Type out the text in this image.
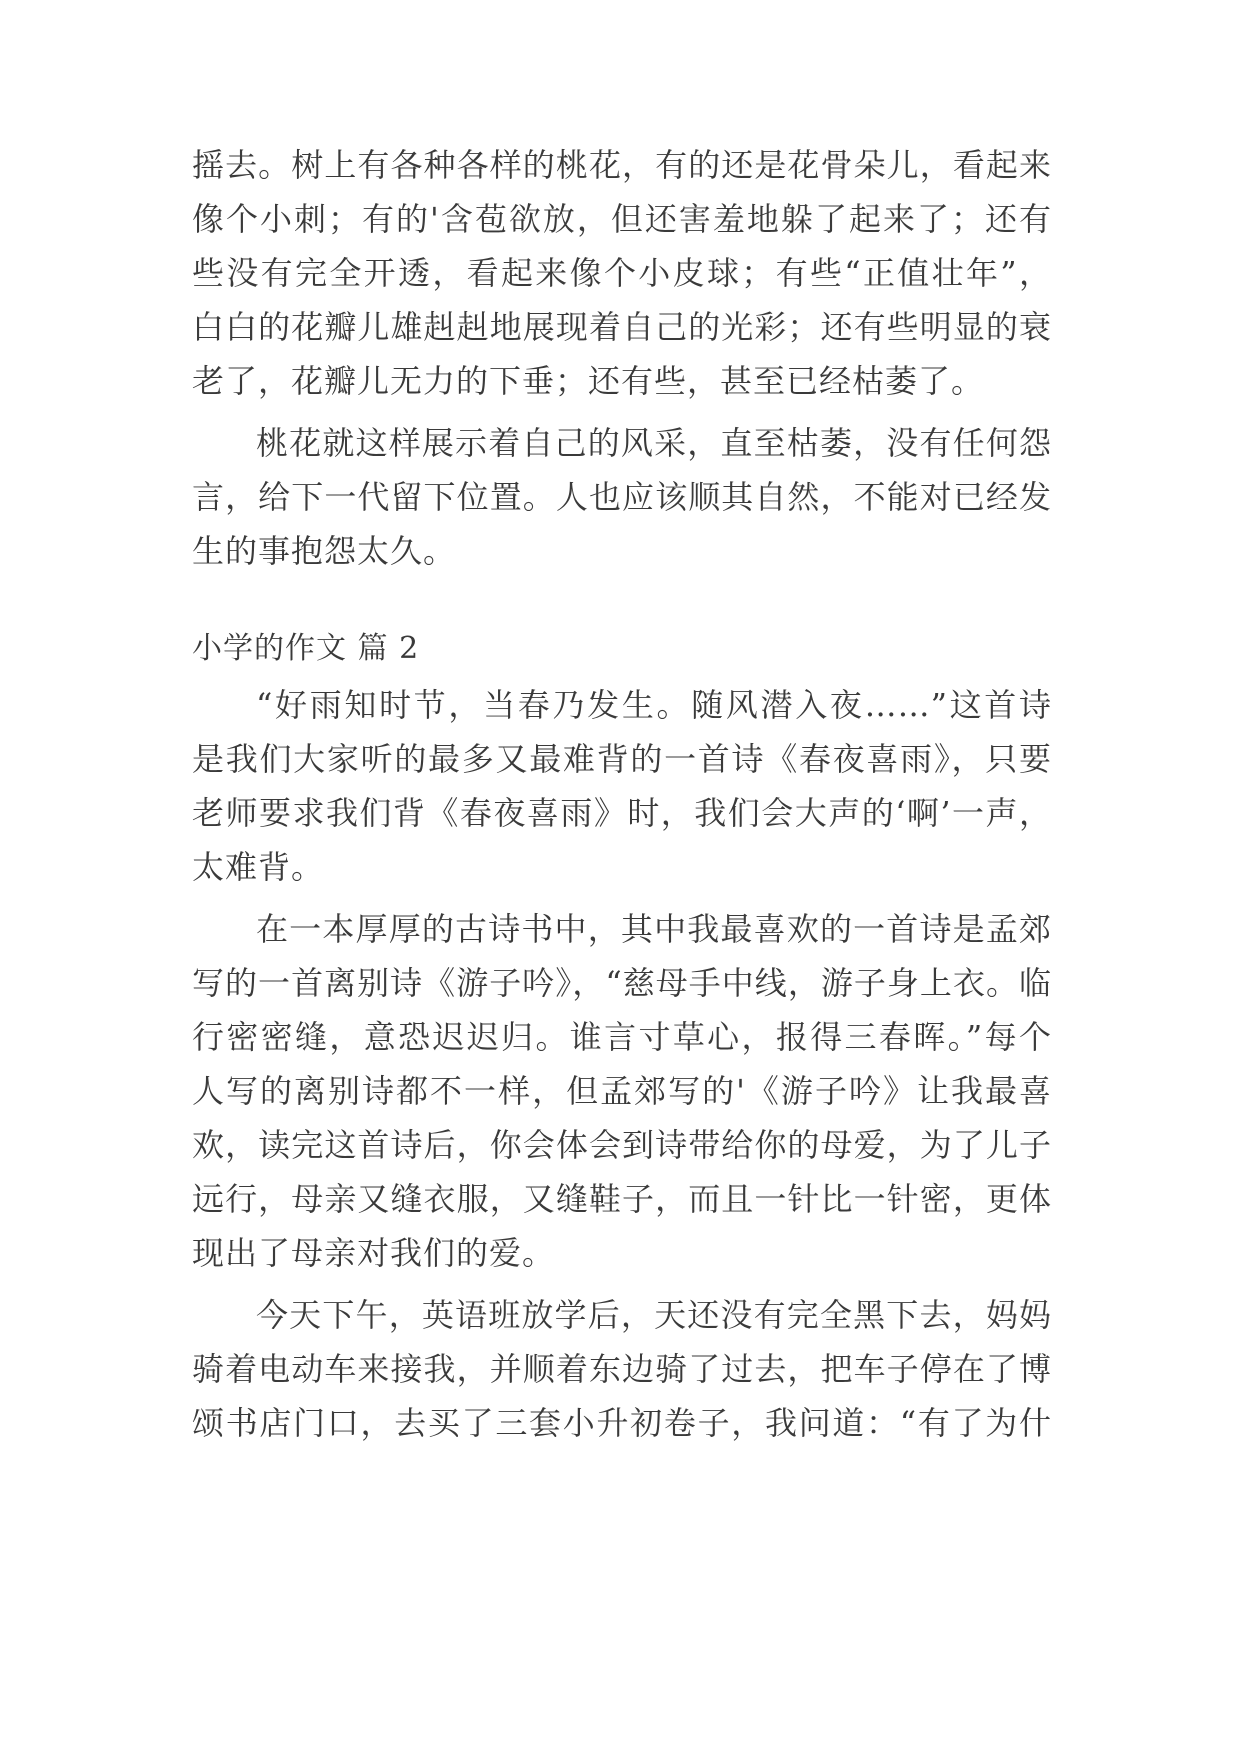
摇去。树上有各种各样的桃花，有的还是花骨朵儿，看起来
像个小刺；有的'含苞欲放，但还害羞地躲了起来了；还有
些没有完全开透，看起来像个小皮球；有些“正值壮年”，
白白的花瓣儿雄赳赳地展现着自己的光彩；还有些明显的衰
老了，花瓣儿无力的下垂；还有些，甚至已经枯萎了。
桃花就这样展示着自己的风采，直至枯萎，没有任何怨
言，给下一代留下位置。人也应该顺其自然，不能对已经发
生的事抱怨太久。
小学的作文 篇 2
“好雨知时节，当春乃发生。随风潜入夜……”这首诗
是我们大家听的最多又最难背的一首诗《春夜喜雨》，只要
老师要求我们背《春夜喜雨》时，我们会大声的‘啊’一声，
太难背。
在一本厚厚的古诗书中，其中我最喜欢的一首诗是孟郊
写的一首离别诗《游子吟》，“慈母手中线，游子身上衣。临
行密密缝，意恐迟迟归。谁言寸草心，报得三春晖。”每个
人写的离别诗都不一样，但孟郊写的'《游子吟》让我最喜
欢，读完这首诗后，你会体会到诗带给你的母爱，为了儿子
远行，母亲又缝衣服，又缝鞋子，而且一针比一针密，更体
现出了母亲对我们的爱。
今天下午，英语班放学后，天还没有完全黑下去，妈妈
骑着电动车来接我，并顺着东边骑了过去，把车子停在了博
颂书店门口，去买了三套小升初卷子，我问道：“有了为什
